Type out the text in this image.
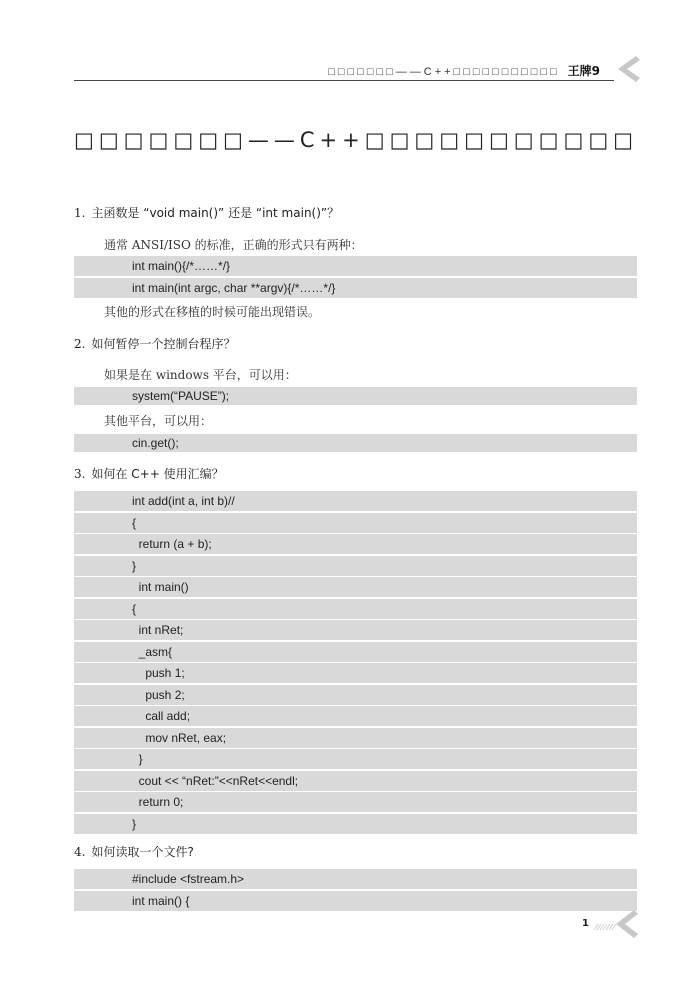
□□□□□□□——C++□□□□□□□□□□□ 王牌9
□□□□□□□——C++□□□□□□□□□□□
1. 主函数是 “void main()” 还是 “int main()”？
通常 ANSI/ISO 的标准，正确的形式只有两种：
int main(){/*……*/}
int main(int argc, char **argv){/*……*/}
其他的形式在移植的时候可能出现错误。
2. 如何暂停一个控制台程序？
如果是在 windows 平台，可以用：
system(“PAUSE”);
其他平台，可以用：
cin.get();
3. 如何在 C++ 使用汇编？
int add(int a, int b)//
{
return (a + b);
}
int main()
{
int nRet;
_asm{
push 1;
push 2;
call add;
mov nRet, eax;
}
cout << “nRet:”<<nRet<<endl;
return 0;
}
4. 如何读取一个文件?
#include <fstream.h>
int main() {
1
